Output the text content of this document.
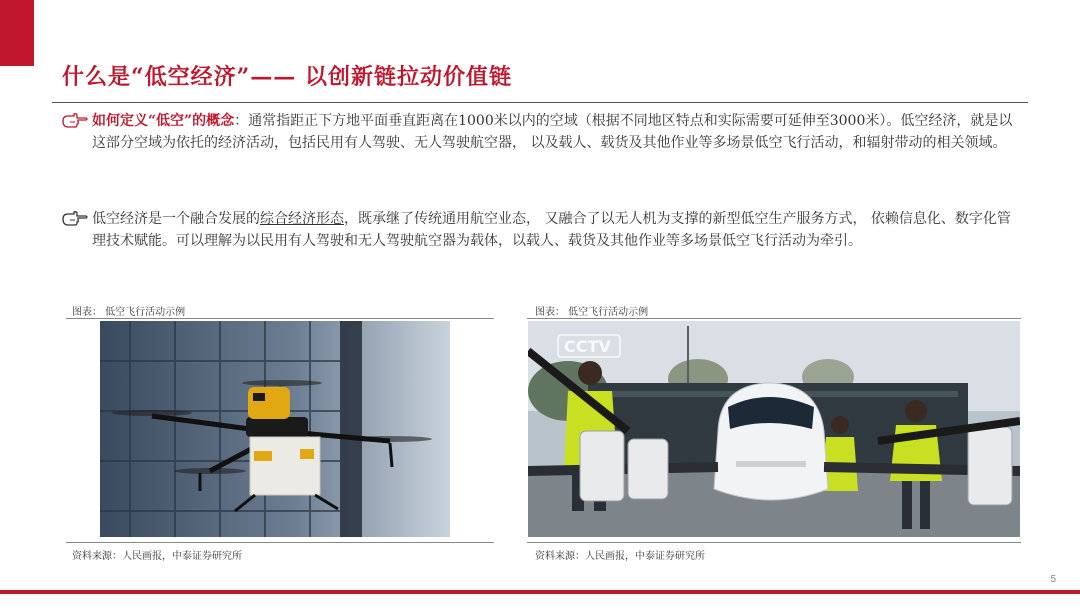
什么是“低空经济”—— 以创新链拉动价值链
如何定义“低空”的概念：通常指距正下方地平面垂直距离在1000米以内的空域（根据不同地区特点和实际需要可延伸至3000米）。低空经济，就是以这部分空域为依托的经济活动，包括民用有人驾驶、无人驾驶航空器， 以及载人、载货及其他作业等多场景低空飞行活动，和辐射带动的相关领域。
低空经济是一个融合发展的综合经济形态，既承继了传统通用航空业态， 又融合了以无人机为支撑的新型低空生产服务方式， 依赖信息化、数字化管理技术赋能。可以理解为以民用有人驾驶和无人驾驶航空器为载体，以载人、载货及其他作业等多场景低空飞行活动为牵引。
图表： 低空飞行活动示例
资料来源：人民画报，中泰证券研究所
图表： 低空飞行活动示例
CCTV
资料来源：人民画报，中泰证券研究所
5
